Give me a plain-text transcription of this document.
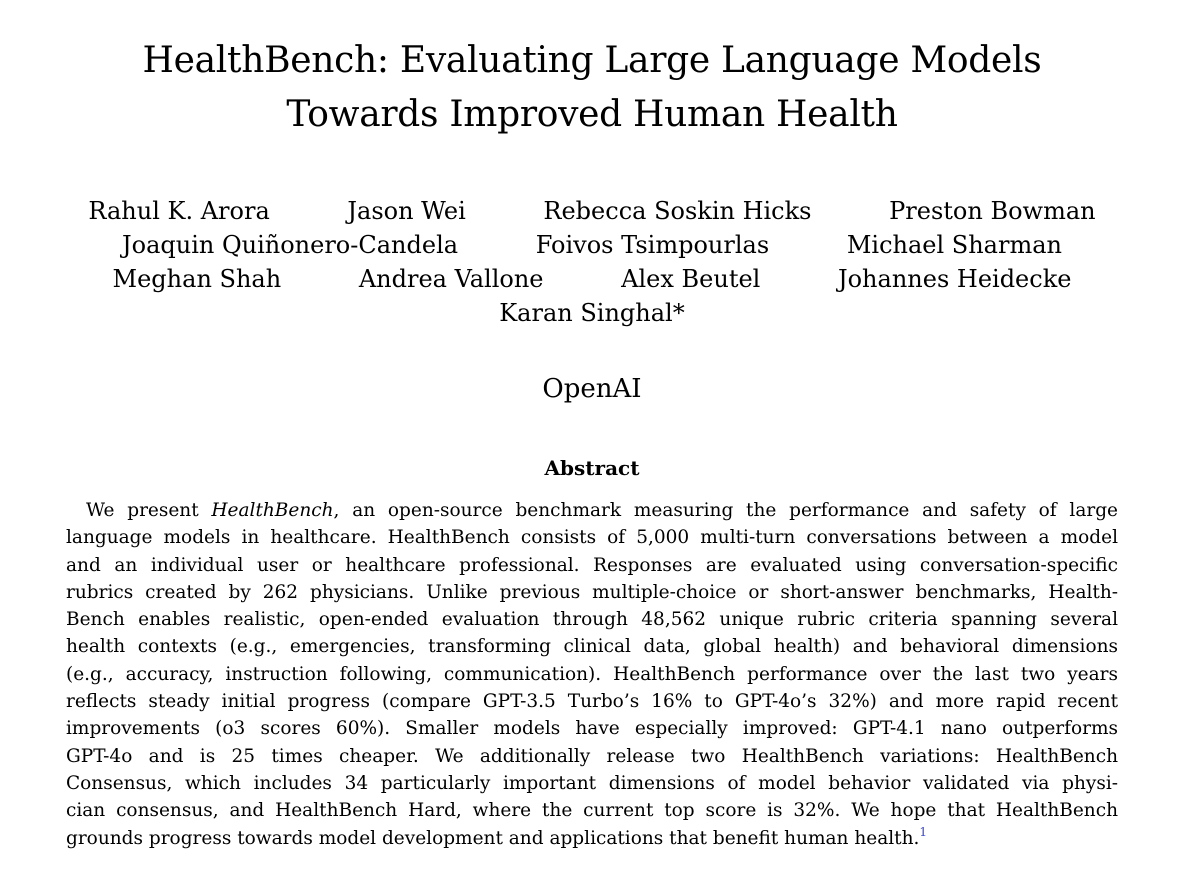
HealthBench: Evaluating Large Language Models
Towards Improved Human Health
Rahul K. Arora	Jason Wei	Rebecca Soskin Hicks	Preston Bowman
Joaquin Quiñonero-Candela	Foivos Tsimpourlas	Michael Sharman
Meghan Shah	Andrea Vallone	Alex Beutel	Johannes Heidecke
Karan Singhal*
OpenAI
Abstract
We present HealthBench, an open-source benchmark measuring the performance and safety of large
language models in healthcare. HealthBench consists of 5,000 multi-turn conversations between a model
and an individual user or healthcare professional. Responses are evaluated using conversation-specific
rubrics created by 262 physicians. Unlike previous multiple-choice or short-answer benchmarks, Health-
Bench enables realistic, open-ended evaluation through 48,562 unique rubric criteria spanning several
health contexts (e.g., emergencies, transforming clinical data, global health) and behavioral dimensions
(e.g., accuracy, instruction following, communication). HealthBench performance over the last two years
reflects steady initial progress (compare GPT-3.5 Turbo’s 16% to GPT-4o’s 32%) and more rapid recent
improvements (o3 scores 60%). Smaller models have especially improved: GPT-4.1 nano outperforms
GPT-4o and is 25 times cheaper. We additionally release two HealthBench variations: HealthBench
Consensus, which includes 34 particularly important dimensions of model behavior validated via physi-
cian consensus, and HealthBench Hard, where the current top score is 32%. We hope that HealthBench
grounds progress towards model development and applications that benefit human health.$^1$
